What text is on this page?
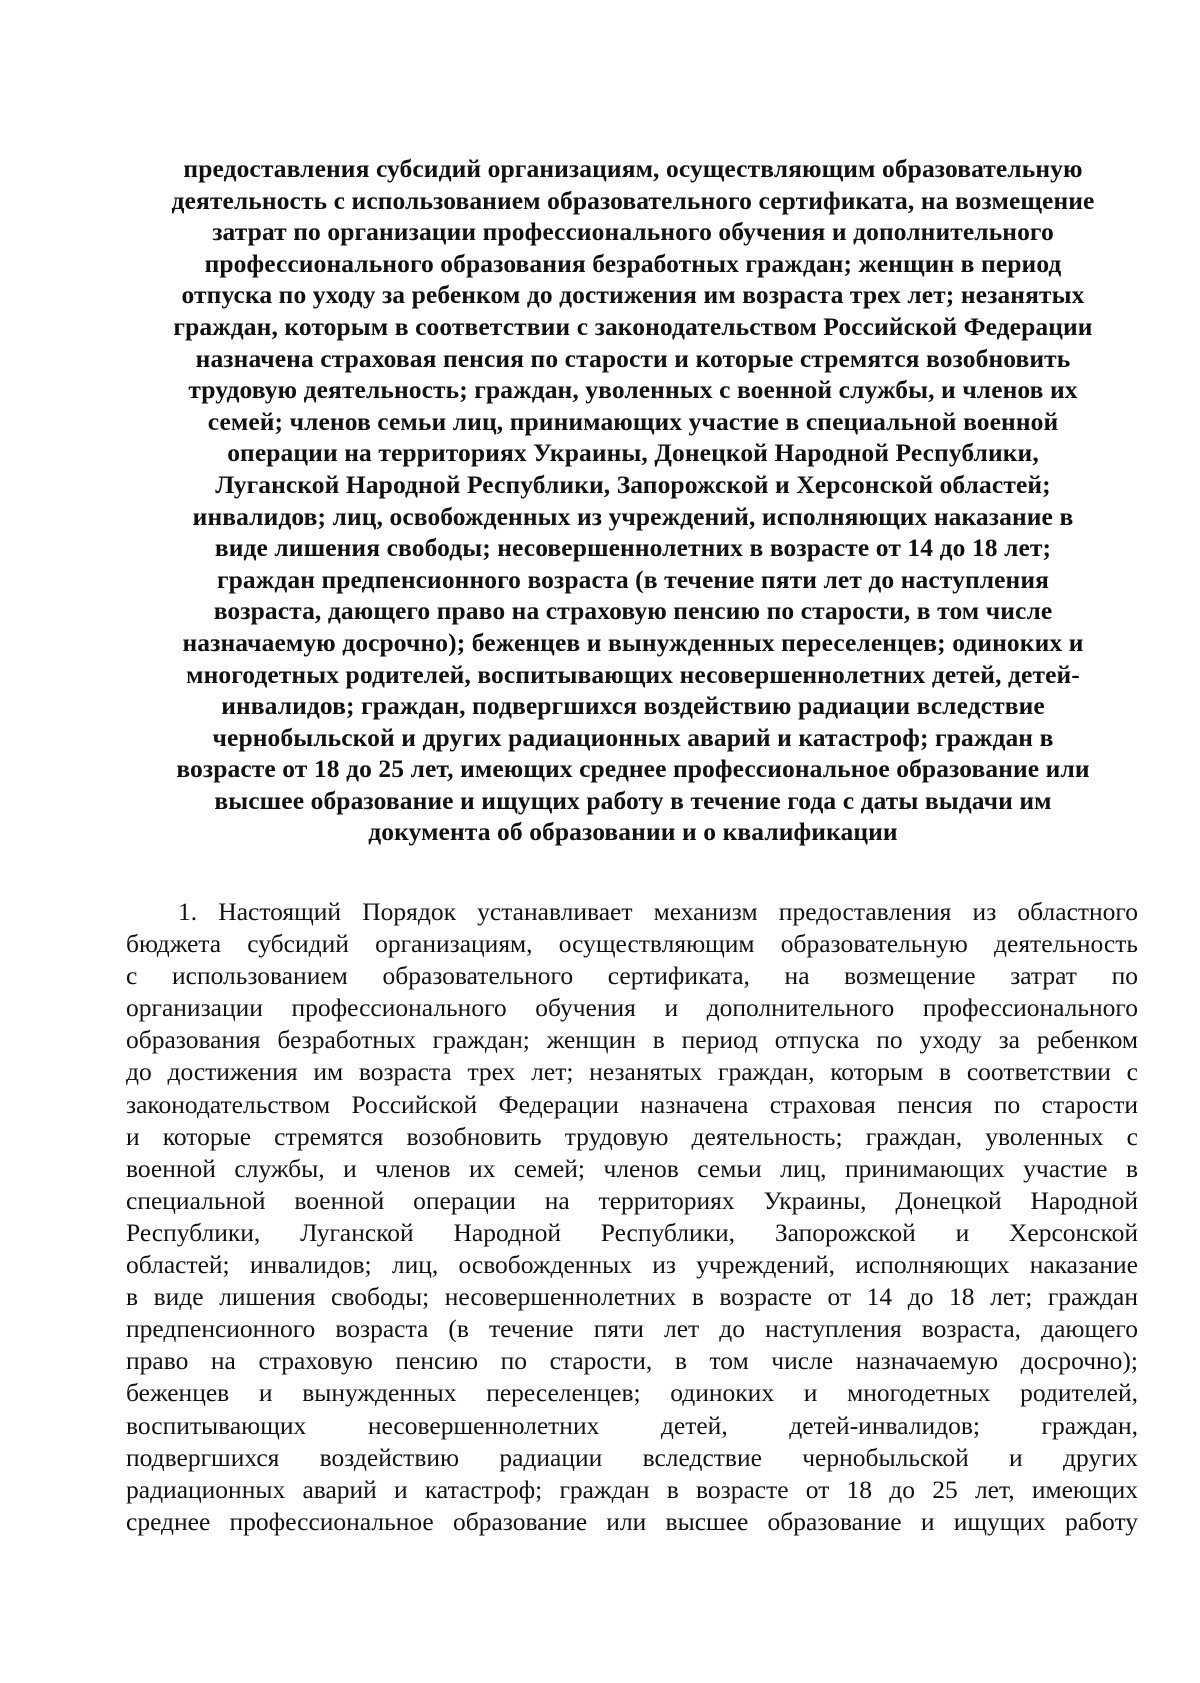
предоставления субсидий организациям, осуществляющим образовательную
деятельность с использованием образовательного сертификата, на возмещение
затрат по организации профессионального обучения и дополнительного
профессионального образования безработных граждан; женщин в период
отпуска по уходу за ребенком до достижения им возраста трех лет; незанятых
граждан, которым в соответствии с законодательством Российской Федерации
назначена страховая пенсия по старости и которые стремятся возобновить
трудовую деятельность; граждан, уволенных с военной службы, и членов их
семей; членов семьи лиц, принимающих участие в специальной военной
операции на территориях Украины, Донецкой Народной Республики,
Луганской Народной Республики, Запорожской и Херсонской областей;
инвалидов; лиц, освобожденных из учреждений, исполняющих наказание в
виде лишения свободы; несовершеннолетних в возрасте от 14 до 18 лет;
граждан предпенсионного возраста (в течение пяти лет до наступления
возраста, дающего право на страховую пенсию по старости, в том числе
назначаемую досрочно); беженцев и вынужденных переселенцев; одиноких и
многодетных родителей, воспитывающих несовершеннолетних детей, детей-
инвалидов; граждан, подвергшихся воздействию радиации вследствие
чернобыльской и других радиационных аварий и катастроф; граждан в
возрасте от 18 до 25 лет, имеющих среднее профессиональное образование или
высшее образование и ищущих работу в течение года с даты выдачи им
документа об образовании и о квалификации
1. Настоящий Порядок устанавливает механизм предоставления из областного
бюджета субсидий организациям, осуществляющим образовательную деятельность
с использованием образовательного сертификата, на возмещение затрат по
организации профессионального обучения и дополнительного профессионального
образования безработных граждан; женщин в период отпуска по уходу за ребенком
до достижения им возраста трех лет; незанятых граждан, которым в соответствии с
законодательством Российской Федерации назначена страховая пенсия по старости
и которые стремятся возобновить трудовую деятельность; граждан, уволенных с
военной службы, и членов их семей; членов семьи лиц, принимающих участие в
специальной военной операции на территориях Украины, Донецкой Народной
Республики, Луганской Народной Республики, Запорожской и Херсонской
областей; инвалидов; лиц, освобожденных из учреждений, исполняющих наказание
в виде лишения свободы; несовершеннолетних в возрасте от 14 до 18 лет; граждан
предпенсионного возраста (в течение пяти лет до наступления возраста, дающего
право на страховую пенсию по старости, в том числе назначаемую досрочно);
беженцев и вынужденных переселенцев; одиноких и многодетных родителей,
воспитывающих несовершеннолетних детей, детей-инвалидов; граждан,
подвергшихся воздействию радиации вследствие чернобыльской и других
радиационных аварий и катастроф; граждан в возрасте от 18 до 25 лет, имеющих
среднее профессиональное образование или высшее образование и ищущих работу
